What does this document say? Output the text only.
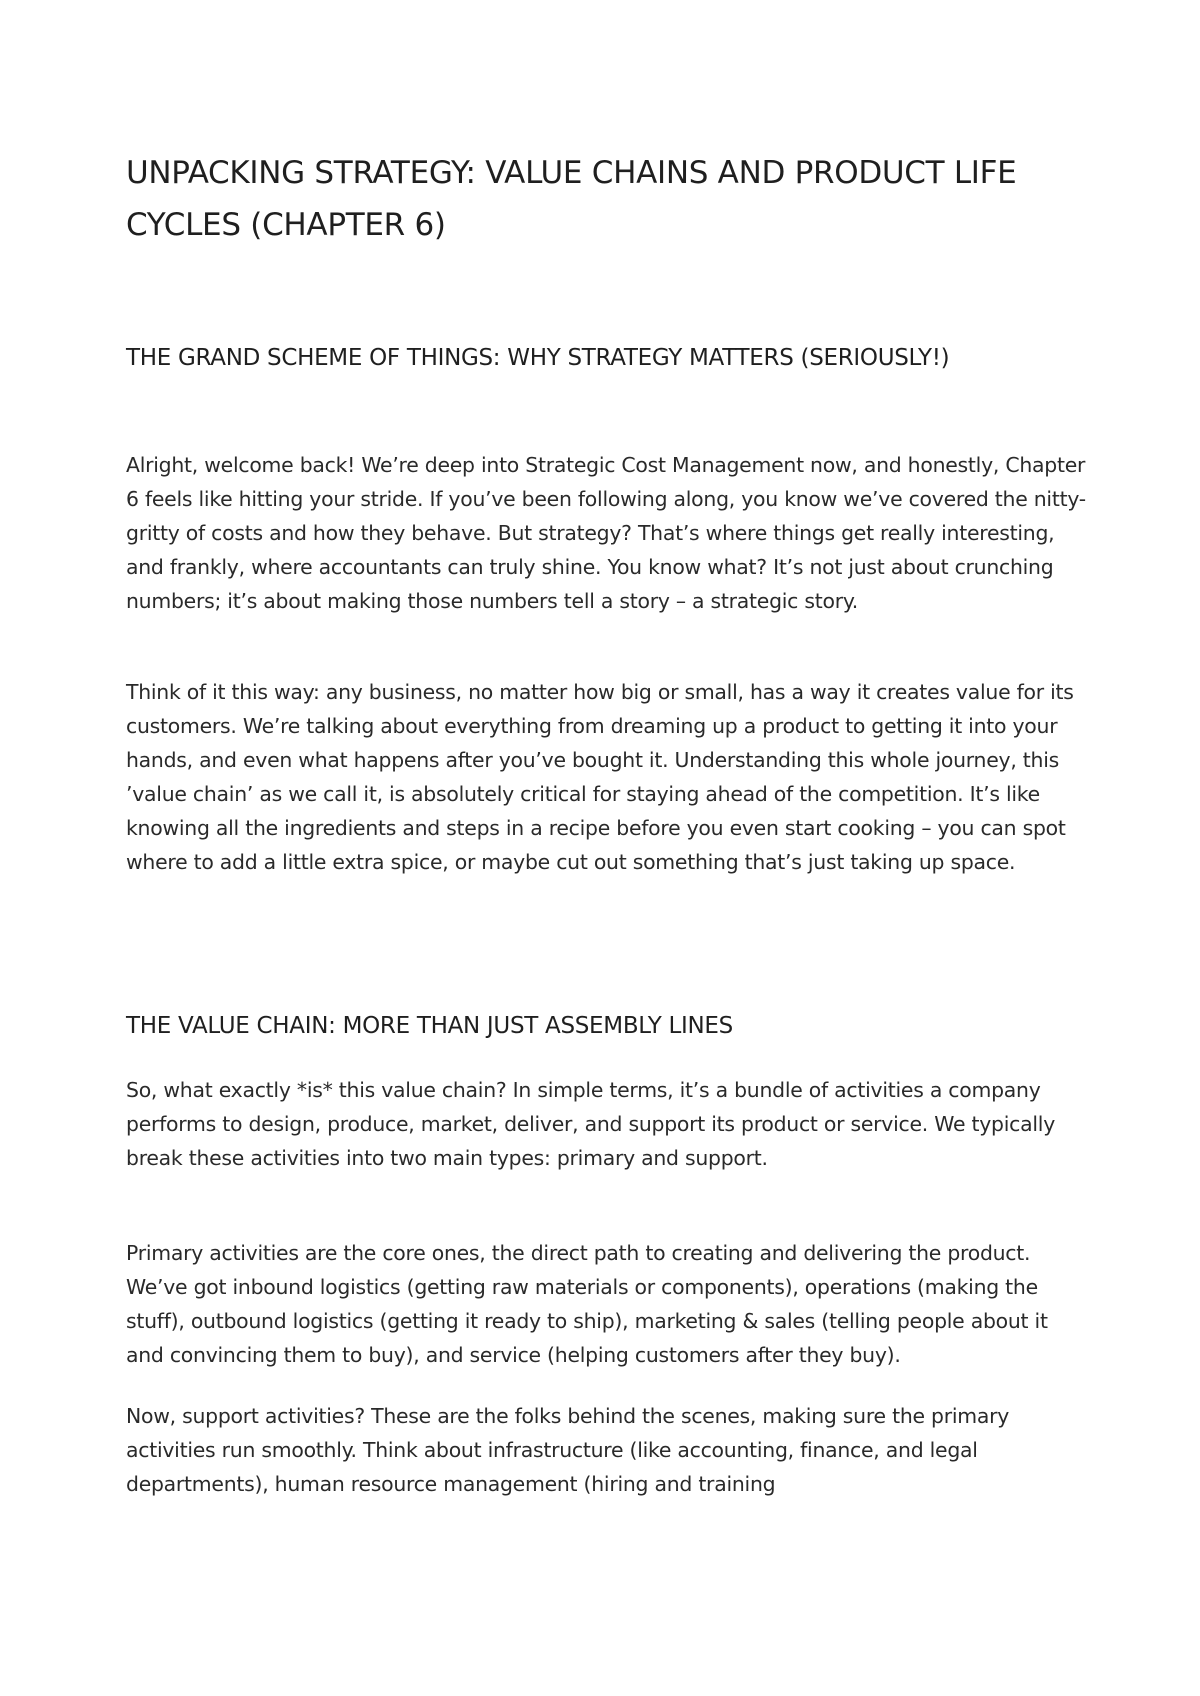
UNPACKING STRATEGY: VALUE CHAINS AND PRODUCT LIFE CYCLES (CHAPTER 6)
THE GRAND SCHEME OF THINGS: WHY STRATEGY MATTERS (SERIOUSLY!)

Alright, welcome back! We’re deep into Strategic Cost Management now, and honestly, Chapter 6 feels like hitting your stride. If you’ve been following along, you know we’ve covered the nitty-gritty of costs and how they behave. But strategy? That’s where things get really interesting, and frankly, where accountants can truly shine. You know what? It’s not just about crunching numbers; it’s about making those numbers tell a story – a strategic story.

Think of it this way: any business, no matter how big or small, has a way it creates value for its customers. We’re talking about everything from dreaming up a product to getting it into your hands, and even what happens after you’ve bought it. Understanding this whole journey, this ’value chain’ as we call it, is absolutely critical for staying ahead of the competition. It’s like knowing all the ingredients and steps in a recipe before you even start cooking – you can spot where to add a little extra spice, or maybe cut out something that’s just taking up space.

THE VALUE CHAIN: MORE THAN JUST ASSEMBLY LINES

So, what exactly *is* this value chain? In simple terms, it’s a bundle of activities a company performs to design, produce, market, deliver, and support its product or service. We typically break these activities into two main types: primary and support.

Primary activities are the core ones, the direct path to creating and delivering the product. We’ve got inbound logistics (getting raw materials or components), operations (making the stuff), outbound logistics (getting it ready to ship), marketing & sales (telling people about it and convincing them to buy), and service (helping customers after they buy).

Now, support activities? These are the folks behind the scenes, making sure the primary activities run smoothly. Think about infrastructure (like accounting, finance, and legal departments), human resource management (hiring and training
